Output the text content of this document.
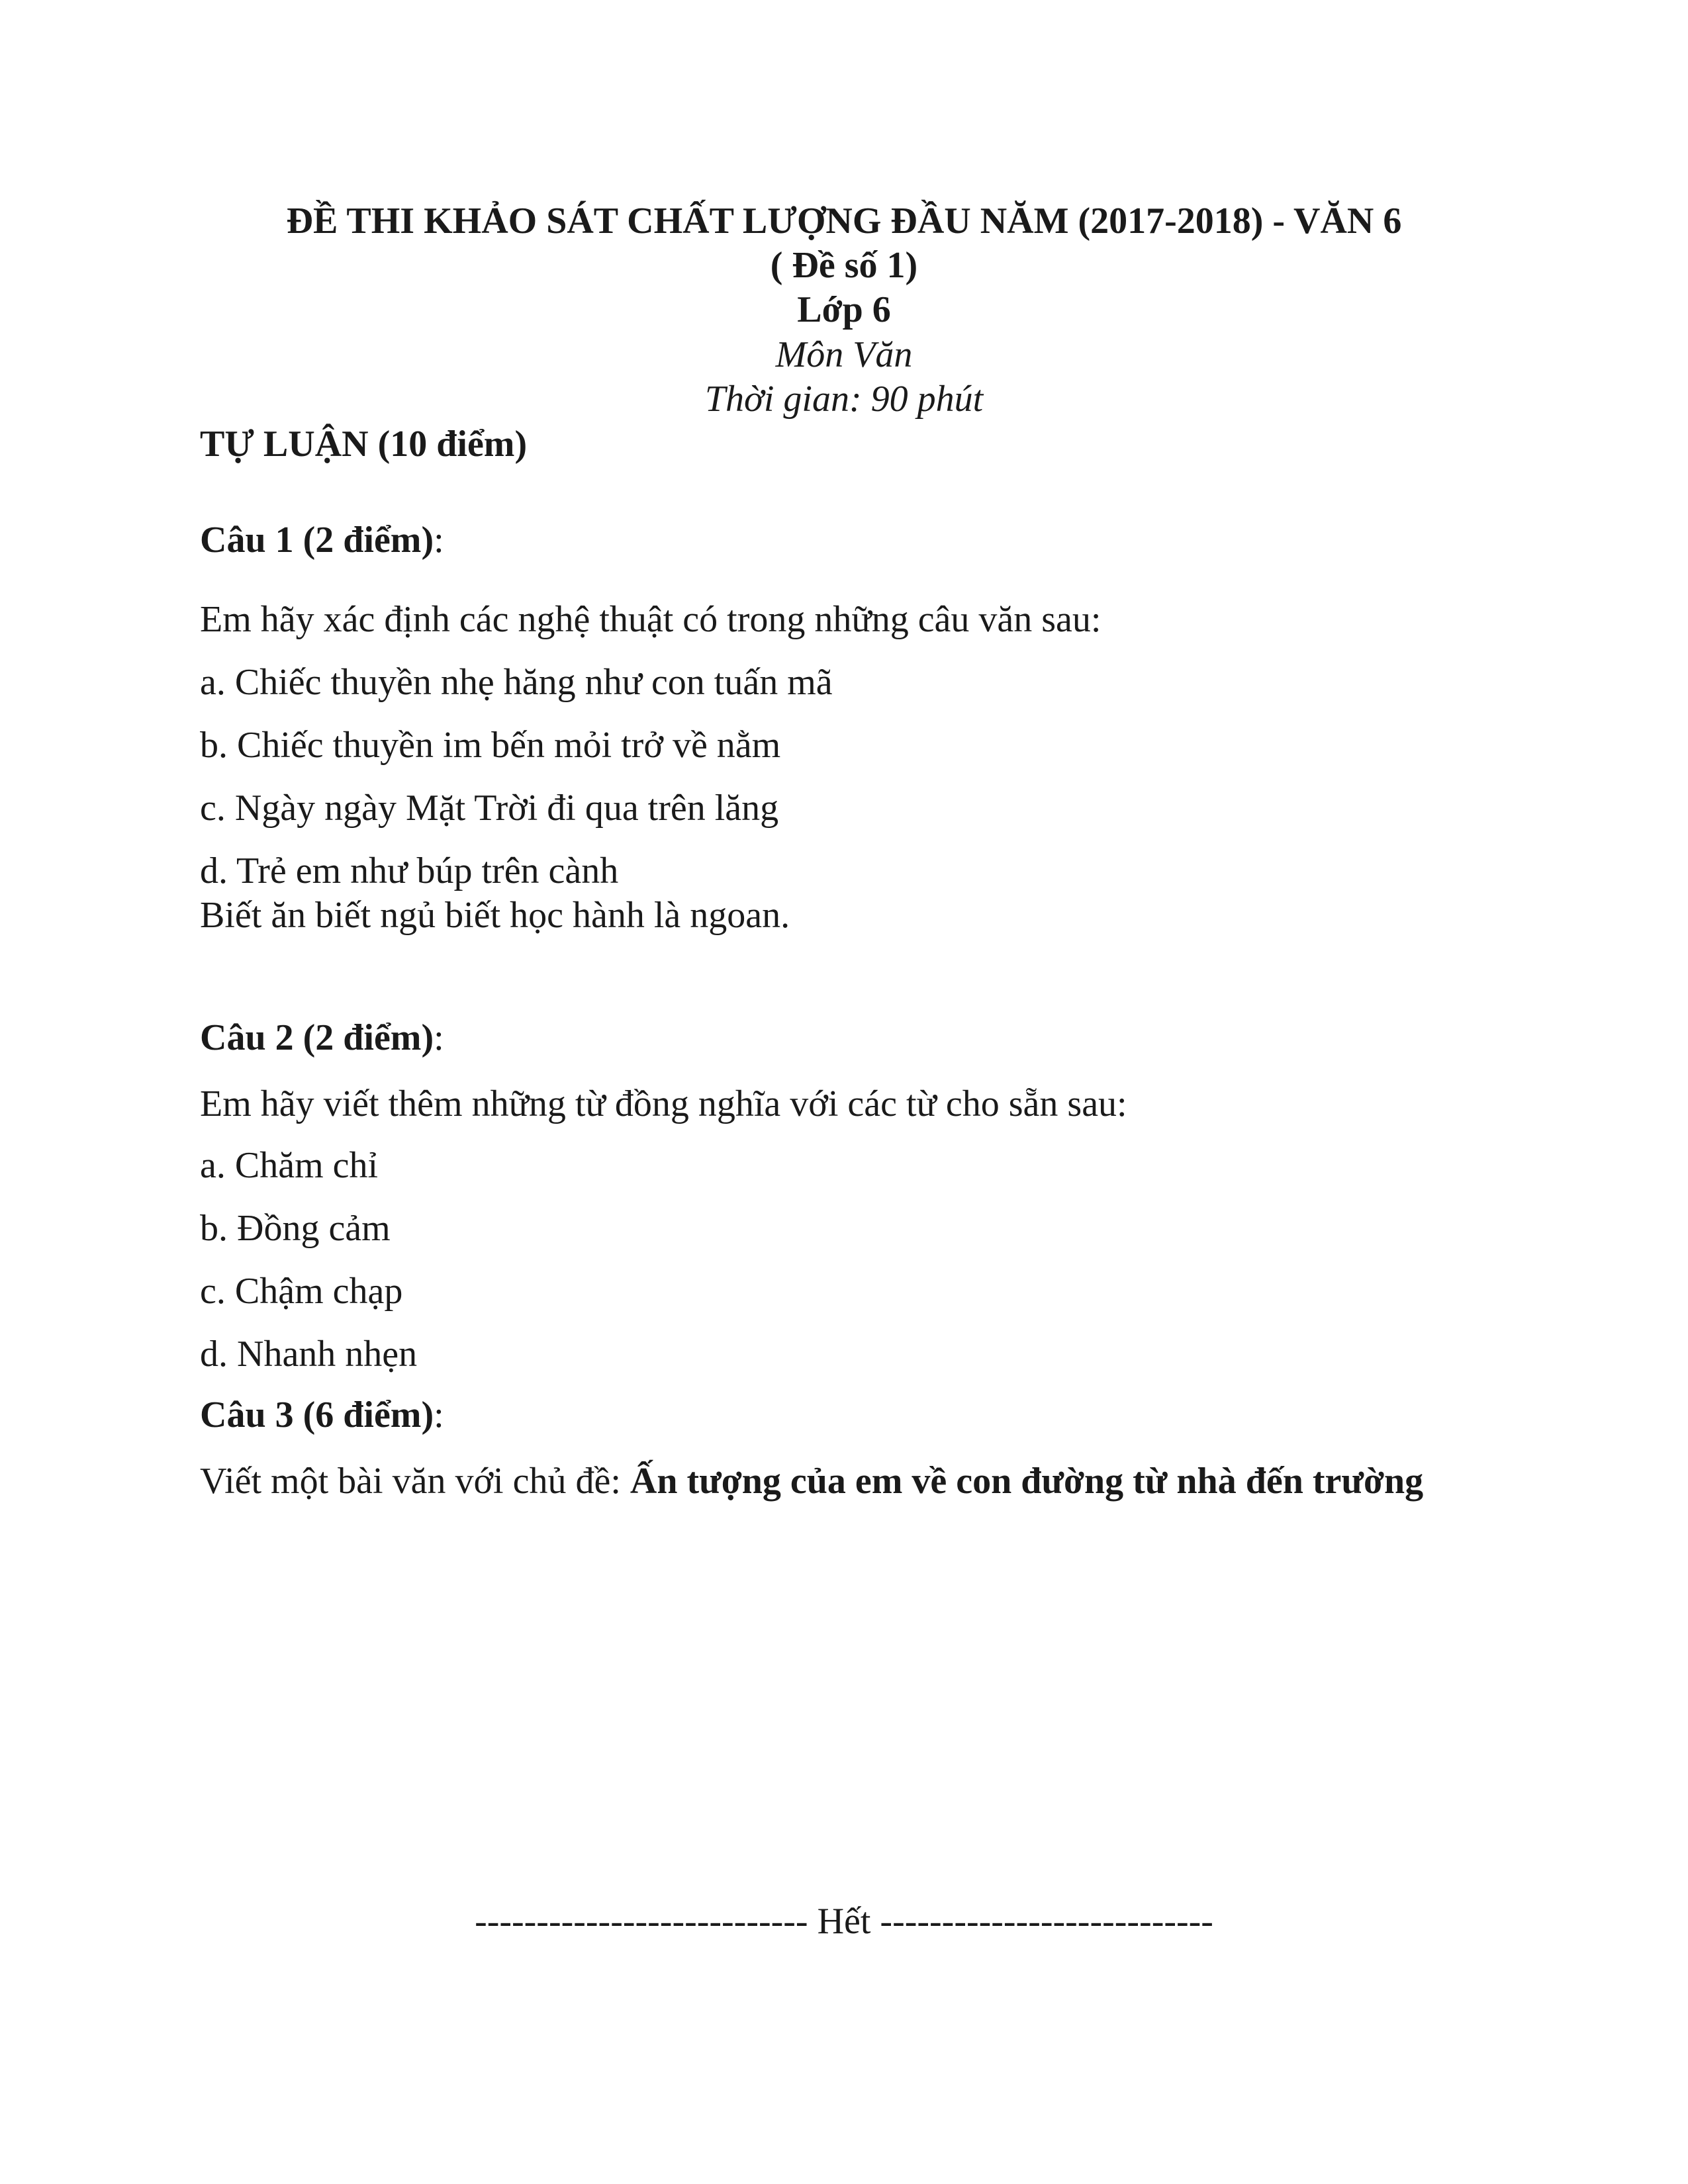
ĐỀ THI KHẢO SÁT CHẤT LƯỢNG ĐẦU NĂM (2017-2018) - VĂN 6
( Đề số 1)
Lớp 6
Môn Văn
Thời gian: 90 phút
TỰ LUẬN (10 điểm)
Câu 1 (2 điểm):
Em hãy xác định các nghệ thuật có trong những câu văn sau:
a. Chiếc thuyền nhẹ hăng như con tuấn mã
b. Chiếc thuyền im bến mỏi trở về nằm
c. Ngày ngày Mặt Trời đi qua trên lăng
d. Trẻ em như búp trên cành
Biết ăn biết ngủ biết học hành là ngoan.
Câu 2 (2 điểm):
Em hãy viết thêm những từ đồng nghĩa với các từ cho sẵn sau:
a. Chăm chỉ
b. Đồng cảm
c. Chậm chạp
d. Nhanh nhẹn
Câu 3 (6 điểm):
Viết một bài văn với chủ đề: Ấn tượng của em về con đường từ nhà đến trường
--------------------------- Hết ---------------------------
